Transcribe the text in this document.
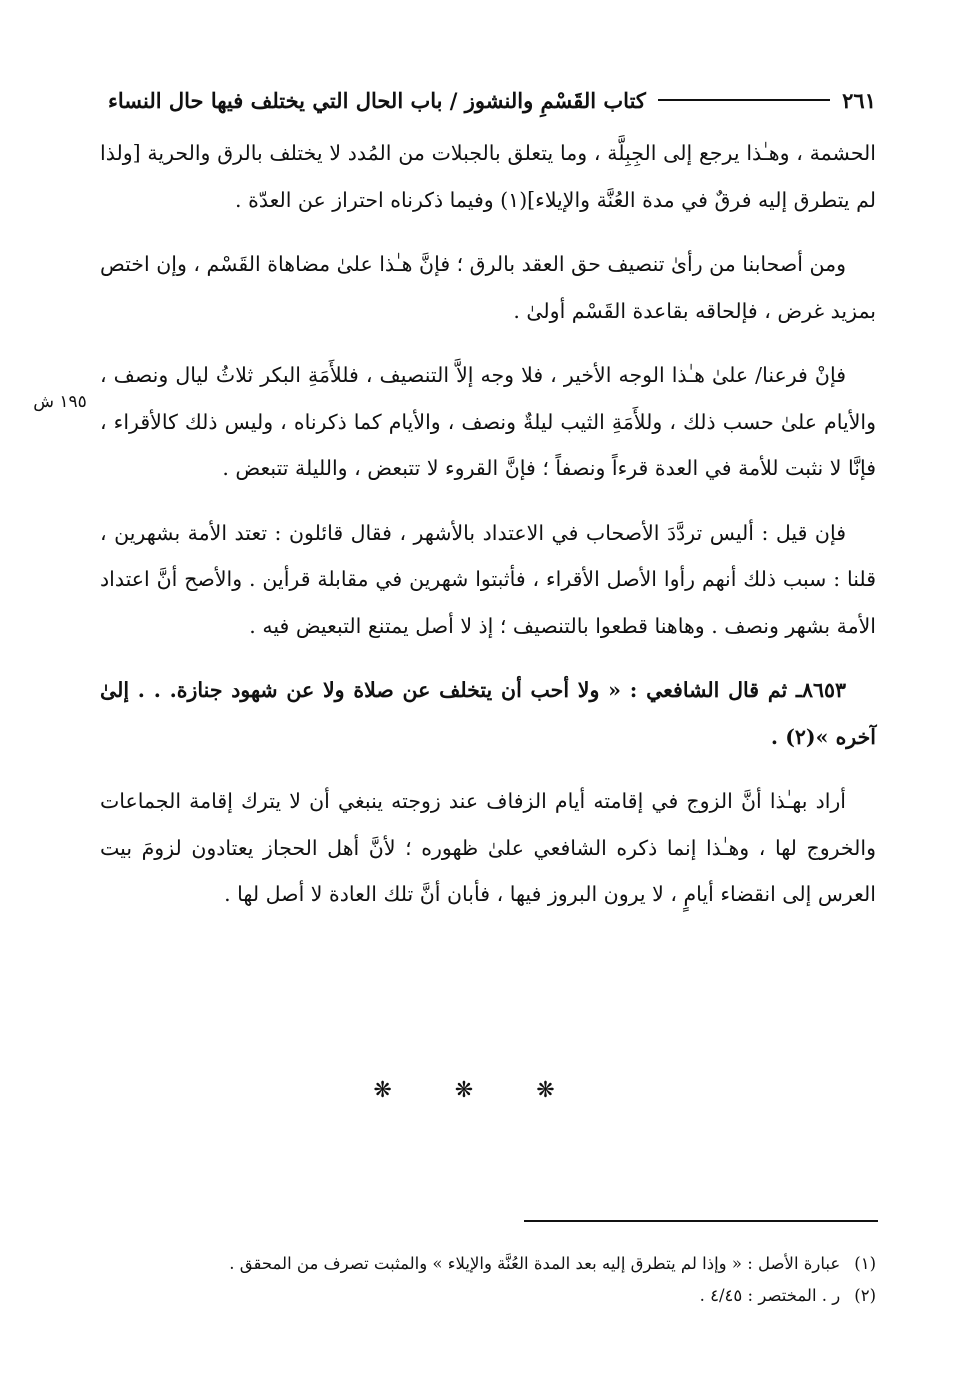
كتاب القَسْمِ والنشوز / باب الحال التي يختلف فيها حال النساء	٢٦١
١٩٥ ش

الحشمة ، وهـٰذا يرجع إلى الجِبِلَّة ، وما يتعلق بالجبلات من المُدد لا يختلف بالرق والحرية [ولذا لم يتطرق إليه فرقٌ في مدة العُنَّة والإيلاء](١) وفيما ذكرناه احتراز عن العدّة .

ومن أصحابنا من رأىٰ تنصيف حق العقد بالرق ؛ فإنَّ هـٰذا علىٰ مضاهاة القَسْم ، وإن اختص بمزيد غرض ، فإلحاقه بقاعدة القَسْم أولىٰ .

فإنْ فرعنا/ علىٰ هـٰذا الوجه الأخير ، فلا وجه إلاَّ التنصيف ، فللأَمَةِ البكر ثلاثُ ليال ونصف ، والأيام علىٰ حسب ذلك ، وللأَمَةِ الثيب ليلةٌ ونصف ، والأيام كما ذكرناه ، وليس ذلك كالأقراء ، فإنَّا لا نثبت للأمة في العدة قرءاً ونصفاً ؛ فإنَّ القروء لا تتبعض ، والليلة تتبعض .

فإن قيل : أليس تردَّدَ الأصحاب في الاعتداد بالأشهر ، فقال قائلون : تعتد الأمة بشهرين ، قلنا : سبب ذلك أنهم رأوا الأصل الأقراء ، فأثبتوا شهرين في مقابلة قرأين . والأصح أنَّ اعتداد الأمة بشهر ونصف . وهاهنا قطعوا بالتنصيف ؛ إذ لا أصل يمتنع التبعيض فيه .

٨٦٥٣ـ ثم قال الشافعي : « ولا أحب أن يتخلف عن صلاة ولا عن شهود جنازة. . . إلىٰ آخره »(٢) .

أراد بهـٰذا أنَّ الزوج في إقامته أيام الزفاف عند زوجته ينبغي أن لا يترك إقامة الجماعات والخروج لها ، وهـٰذا إنما ذكره الشافعي علىٰ ظهوره ؛ لأنَّ أهل الحجاز يعتادون لزومَ بيت العرس إلى انقضاء أيامٍ ، لا يرون البروز فيها ، فأبان أنَّ تلك العادة لا أصل لها .

❋ ❋ ❋
(١)
عبارة الأصل : « وإذا لم يتطرق إليه بعد المدة العُنَّة والإيلاء » والمثبت تصرف من المحقق .
(٢)
ر . المختصر : ٤/٤٥ .
